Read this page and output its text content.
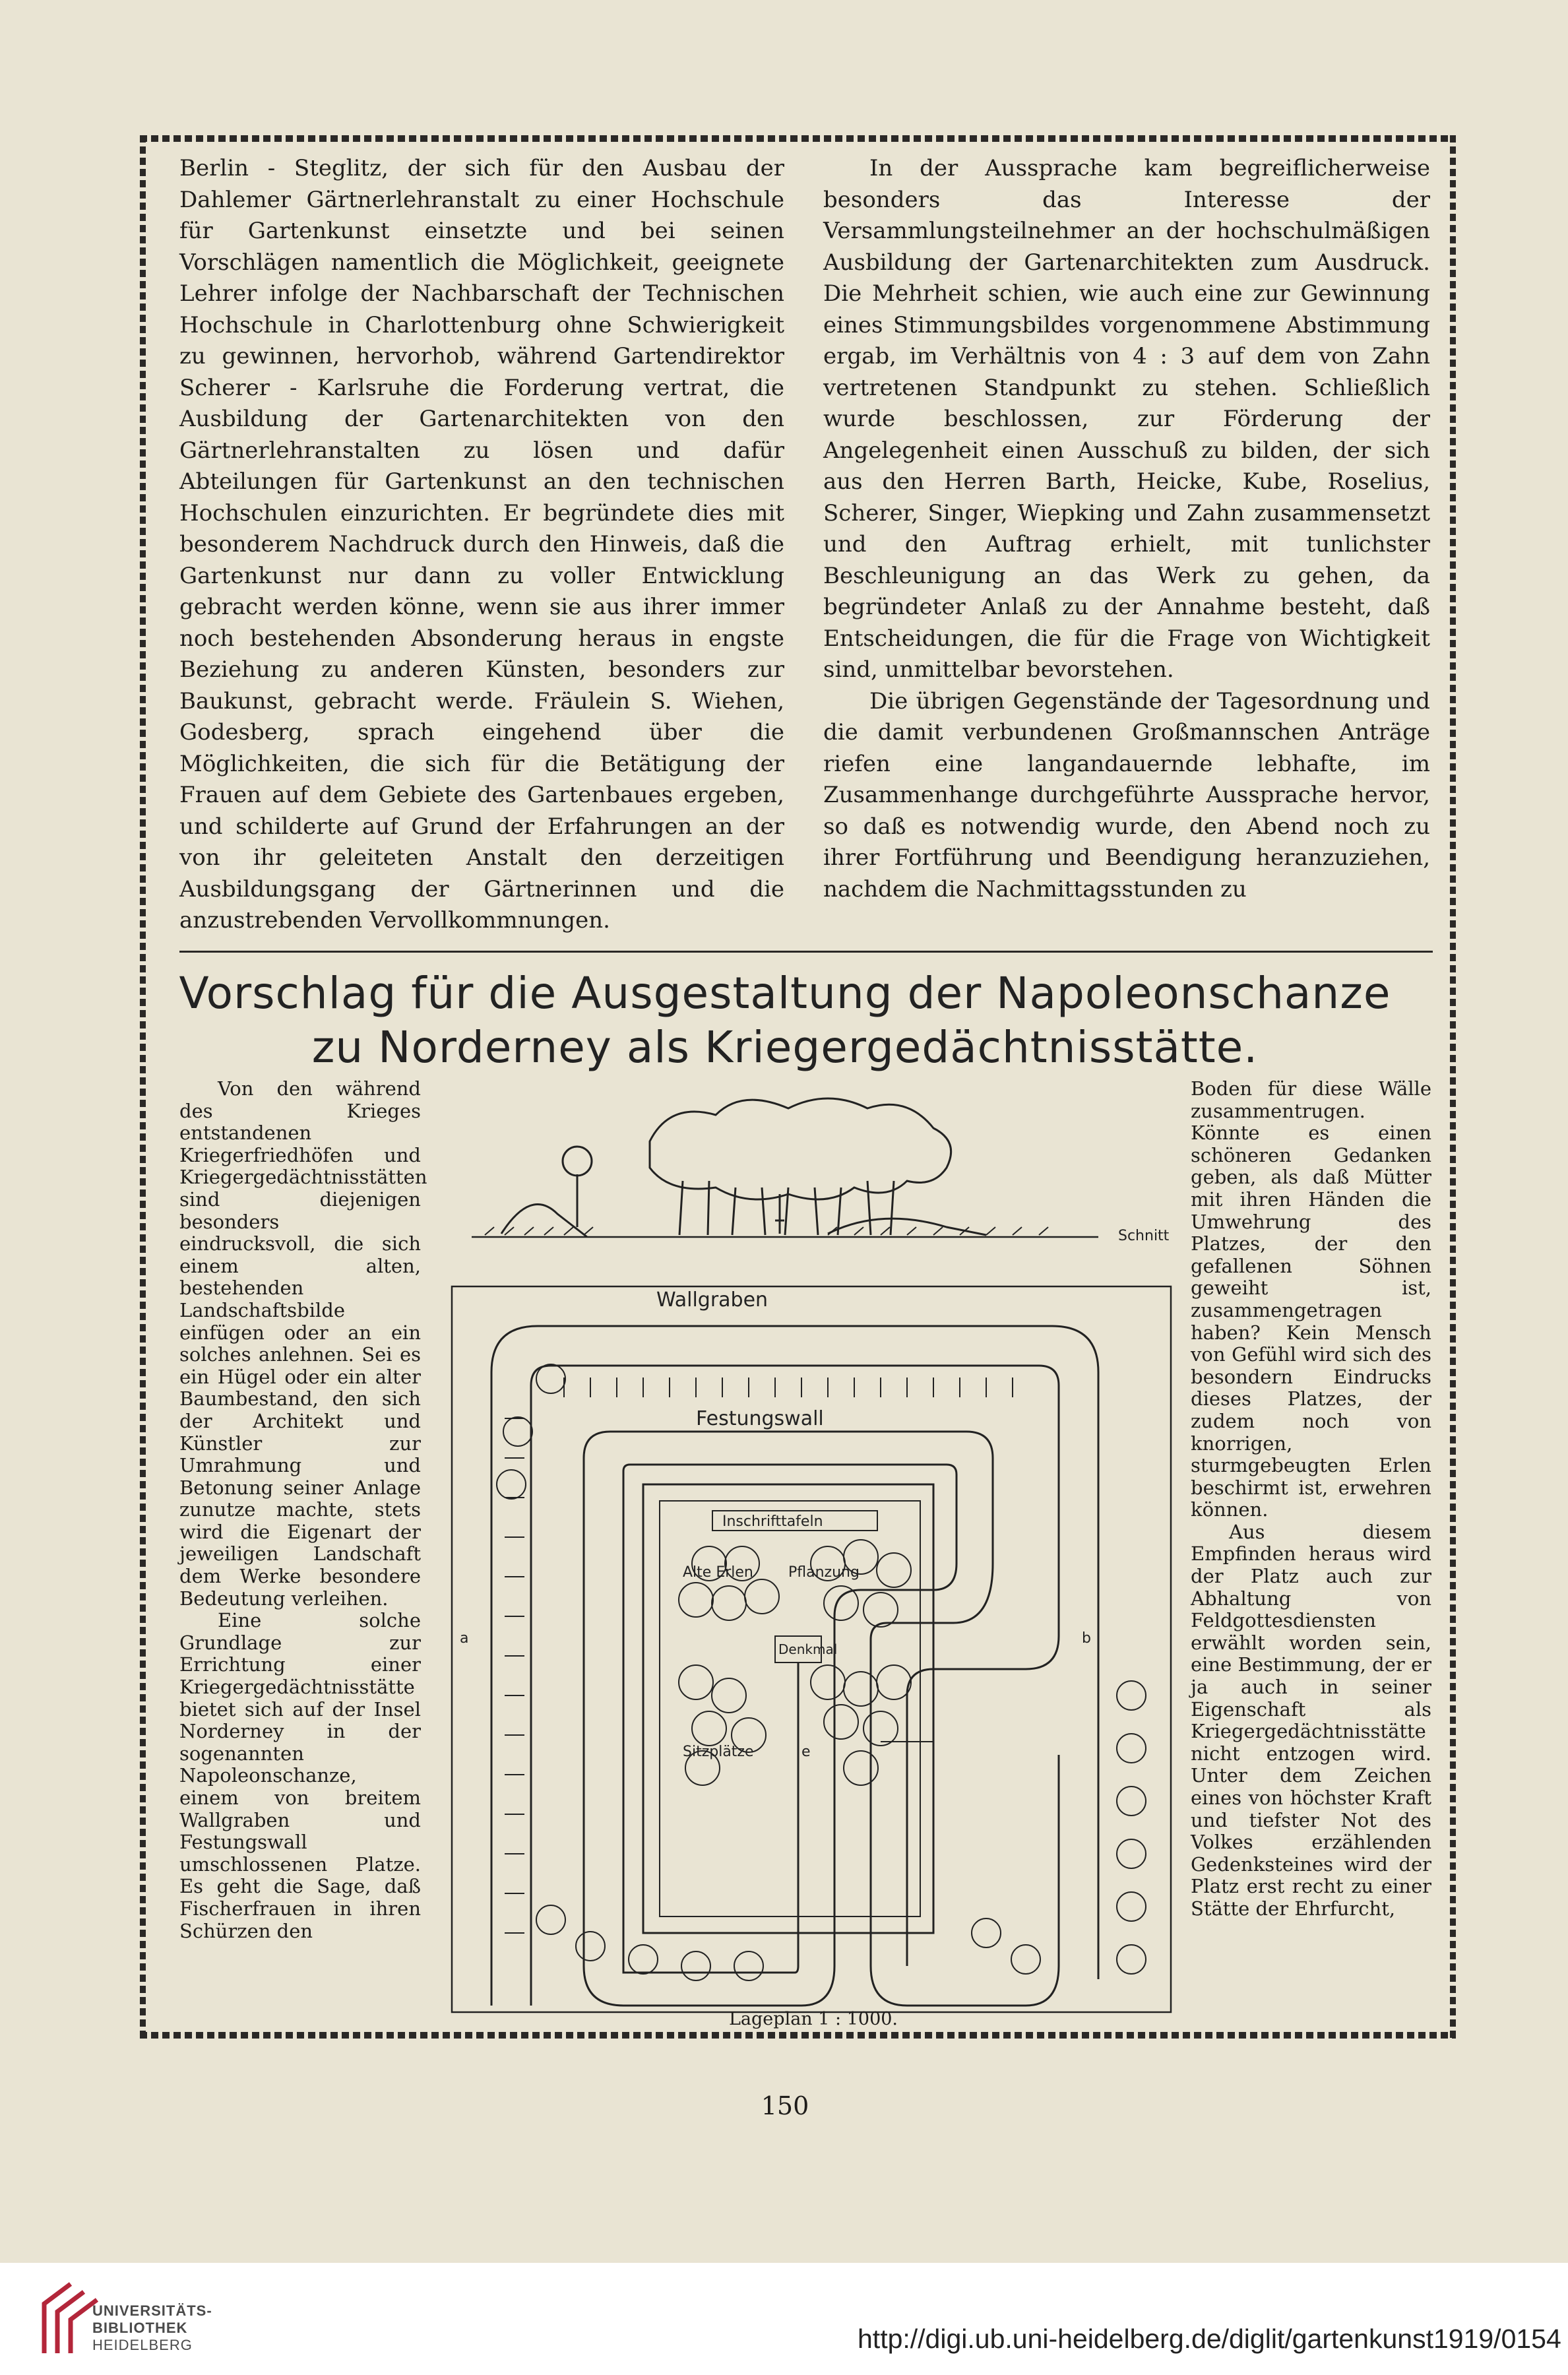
Berlin - Steglitz, der sich für den Ausbau der Dahlemer Gärtnerlehranstalt zu einer Hochschule für Gartenkunst einsetzte und bei seinen Vorschlägen namentlich die Möglichkeit, geeignete Lehrer infolge der Nachbarschaft der Technischen Hochschule in Charlottenburg ohne Schwierigkeit zu gewinnen, hervorhob, während Gartendirektor Scherer - Karlsruhe die Forderung vertrat, die Ausbildung der Gartenarchitekten von den Gärtnerlehranstalten zu lösen und dafür Abteilungen für Gartenkunst an den technischen Hochschulen einzurichten. Er begründete dies mit besonderem Nachdruck durch den Hinweis, daß die Gartenkunst nur dann zu voller Entwicklung gebracht werden könne, wenn sie aus ihrer immer noch bestehenden Absonderung heraus in engste Beziehung zu anderen Künsten, besonders zur Baukunst, gebracht werde. Fräulein S. Wiehen, Godesberg, sprach eingehend über die Möglichkeiten, die sich für die Betätigung der Frauen auf dem Gebiete des Gartenbaues ergeben, und schilderte auf Grund der Erfahrungen an der von ihr geleiteten Anstalt den derzeitigen Ausbildungsgang der Gärtnerinnen und die anzustrebenden Vervollkommnungen.

In der Aussprache kam begreiflicherweise besonders das Interesse der Versammlungsteilnehmer an der hochschulmäßigen Ausbildung der Gartenarchitekten zum Ausdruck. Die Mehrheit schien, wie auch eine zur Gewinnung eines Stimmungsbildes vorgenommene Abstimmung ergab, im Verhältnis von 4 : 3 auf dem von Zahn vertretenen Standpunkt zu stehen. Schließlich wurde beschlossen, zur Förderung der Angelegenheit einen Ausschuß zu bilden, der sich aus den Herren Barth, Heicke, Kube, Roselius, Scherer, Singer, Wiepking und Zahn zusammensetzt und den Auftrag erhielt, mit tunlichster Beschleunigung an das Werk zu gehen, da begründeter Anlaß zu der Annahme besteht, daß Entscheidungen, die für die Frage von Wichtigkeit sind, unmittelbar bevorstehen.

Die übrigen Gegenstände der Tagesordnung und die damit verbundenen Großmannschen Anträge riefen eine langandauernde lebhafte, im Zusammenhange durchgeführte Aussprache hervor, so daß es notwendig wurde, den Abend noch zu ihrer Fortführung und Beendigung heranzuziehen, nachdem die Nachmittagsstunden zu

Vorschlag für die Ausgestaltung der Napoleonschanze
zu Norderney als Kriegergedächtnisstätte.

Von den während des Krieges entstandenen Kriegerfriedhöfen und Kriegergedächtnisstätten sind diejenigen besonders eindrucksvoll, die sich einem alten, bestehenden Landschaftsbilde einfügen oder an ein solches anlehnen. Sei es ein Hügel oder ein alter Baumbestand, den sich der Architekt und Künstler zur Umrahmung und Betonung seiner Anlage zunutze machte, stets wird die Eigenart der jeweiligen Landschaft dem Werke besondere Bedeutung verleihen.

Eine solche Grundlage zur Errichtung einer Kriegergedächtnisstätte bietet sich auf der Insel Norderney in der sogenannten Napoleonschanze, einem von breitem Wallgraben und Festungswall umschlossenen Platze. Es geht die Sage, daß Fischerfrauen in ihren Schürzen den

Boden für diese Wälle zusammentrugen. Könnte es einen schöneren Gedanken geben, als daß Mütter mit ihren Händen die Umwehrung des Platzes, der den gefallenen Söhnen geweiht ist, zusammengetragen haben? Kein Mensch von Gefühl wird sich des besondern Eindrucks dieses Platzes, der zudem noch von knorrigen, sturmgebeugten Erlen beschirmt ist, erwehren können.

Aus diesem Empfinden heraus wird der Platz auch zur Abhaltung von Feldgottesdiensten erwählt worden sein, eine Bestimmung, der er ja auch in seiner Eigenschaft als Kriegergedächtnisstätte nicht entzogen wird. Unter dem Zeichen eines von höchster Kraft und tiefster Not des Volkes erzählenden Gedenksteines wird der Platz erst recht zu einer Stätte der Ehrfurcht,

Schnitt
Wallgraben
Festungswall
Inschrifttafeln
Alte Erlen Pflanzung
Denkmal
Sitzplätze
a	b
e
Lageplan 1 : 1000.
150
UNIVERSITÄTS-
BIBLIOTHEK
HEIDELBERG	http://digi.ub.uni-heidelberg.de/diglit/gartenkunst1919/0154
